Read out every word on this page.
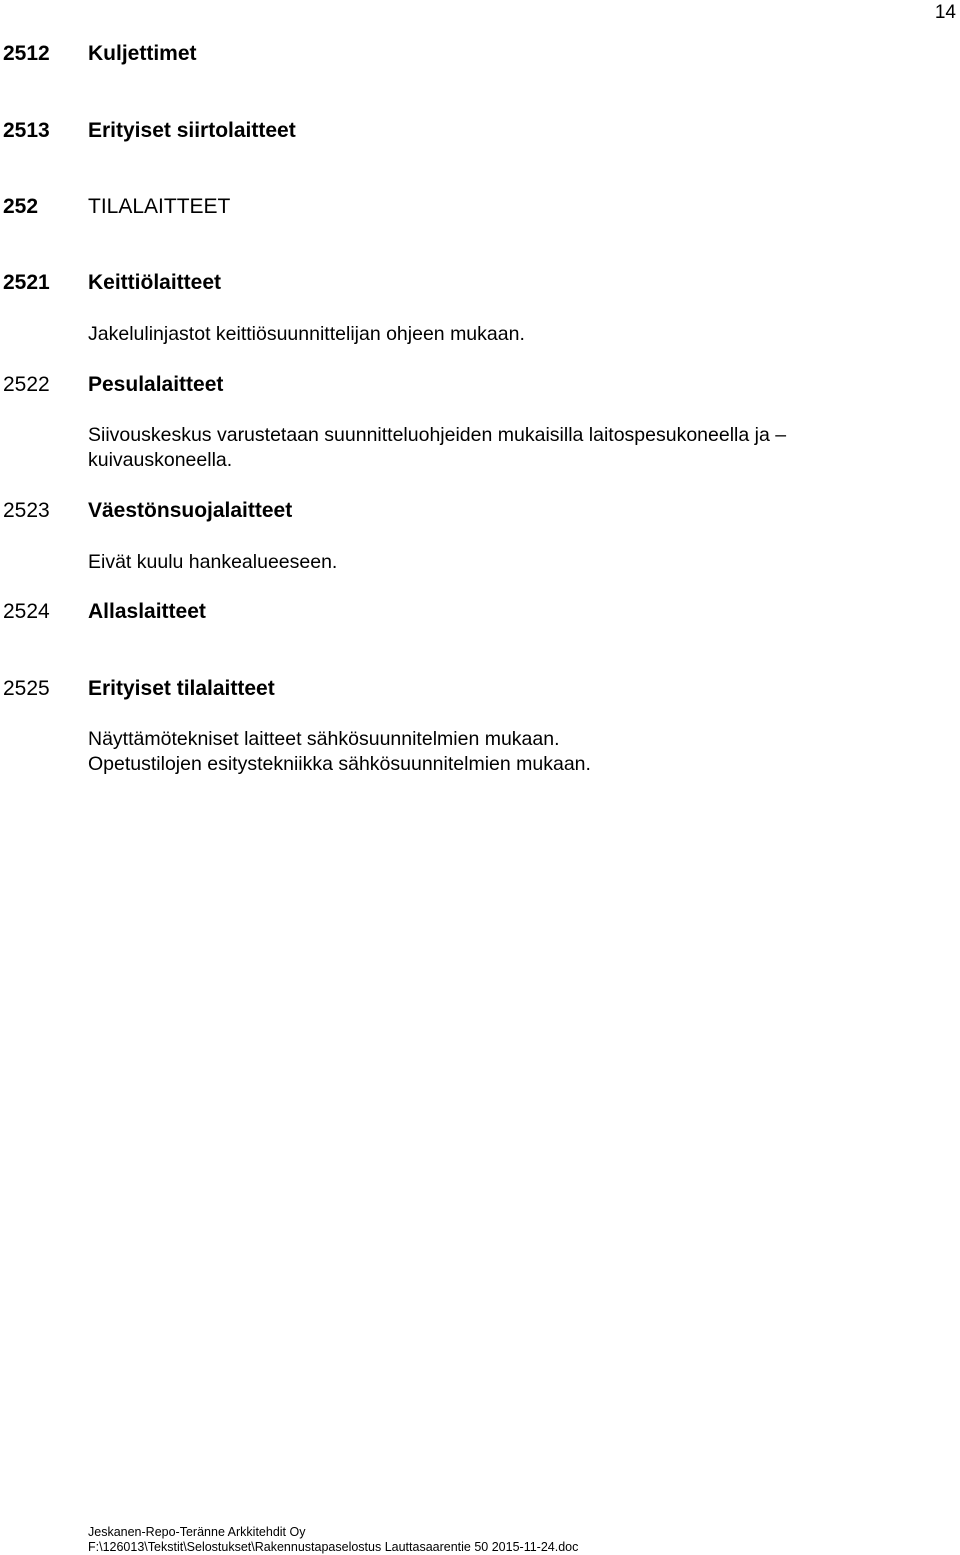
14
2512 Kuljettimet
2513 Erityiset siirtolaitteet
252 TILALAITTEET
2521 Keittiölaitteet
Jakelulinjastot keittiösuunnittelijan ohjeen mukaan.
2522 Pesulalaitteet
Siivouskeskus varustetaan suunnitteluohjeiden mukaisilla laitospesukoneella ja – kuivauskoneella.
2523 Väestönsuojalaitteet
Eivät kuulu hankealueeseen.
2524 Allaslaitteet
2525 Erityiset tilalaitteet
Näyttämötekniset laitteet sähkösuunnitelmien mukaan.
Opetustilojen esitystekniikka sähkösuunnitelmien mukaan.
Jeskanen-Repo-Teränne Arkkitehdit Oy
F:\126013\Tekstit\Selostukset\Rakennustapaselostus Lauttasaarentie 50 2015-11-24.doc
